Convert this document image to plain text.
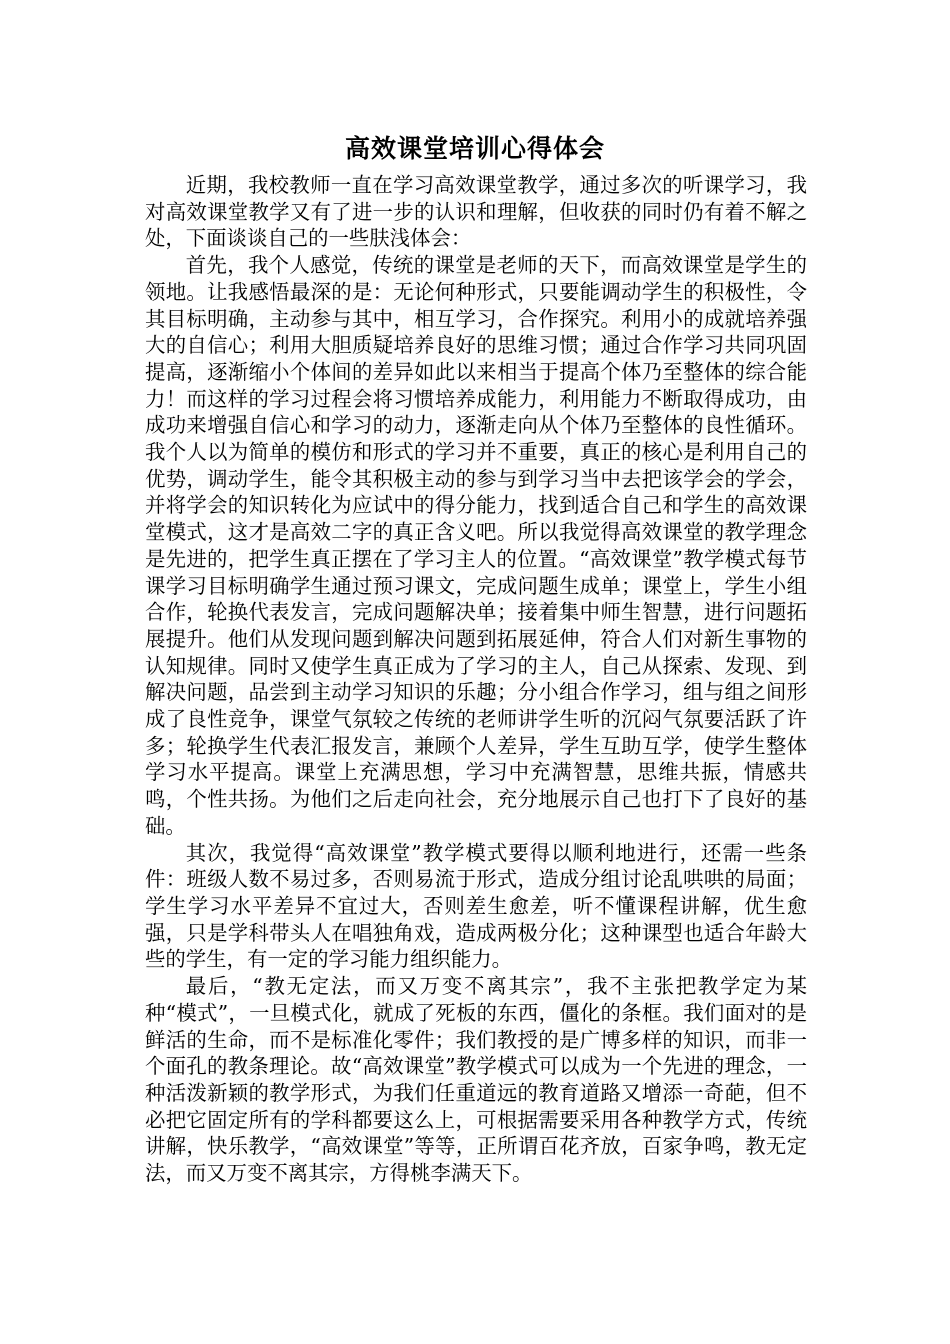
高效课堂培训心得体会

近期，我校教师一直在学习高效课堂教学，通过多次的听课学习，我对高效课堂教学又有了进一步的认识和理解，但收获的同时仍有着不解之处，下面谈谈自己的一些肤浅体会：

首先，我个人感觉，传统的课堂是老师的天下，而高效课堂是学生的领地。让我感悟最深的是：无论何种形式，只要能调动学生的积极性，令其目标明确，主动参与其中，相互学习，合作探究。利用小的成就培养强大的自信心；利用大胆质疑培养良好的思维习惯；通过合作学习共同巩固提高，逐渐缩小个体间的差异如此以来相当于提高个体乃至整体的综合能力！而这样的学习过程会将习惯培养成能力，利用能力不断取得成功，由成功来增强自信心和学习的动力，逐渐走向从个体乃至整体的良性循环。我个人以为简单的模仿和形式的学习并不重要，真正的核心是利用自己的优势，调动学生，能令其积极主动的参与到学习当中去把该学会的学会，并将学会的知识转化为应试中的得分能力，找到适合自己和学生的高效课堂模式，这才是高效二字的真正含义吧。所以我觉得高效课堂的教学理念是先进的，把学生真正摆在了学习主人的位置。“高效课堂”教学模式每节课学习目标明确学生通过预习课文，完成问题生成单；课堂上，学生小组合作，轮换代表发言，完成问题解决单；接着集中师生智慧，进行问题拓展提升。他们从发现问题到解决问题到拓展延伸，符合人们对新生事物的认知规律。同时又使学生真正成为了学习的主人，自己从探索、发现、到解决问题，品尝到主动学习知识的乐趣；分小组合作学习，组与组之间形成了良性竞争，课堂气氛较之传统的老师讲学生听的沉闷气氛要活跃了许多；轮换学生代表汇报发言，兼顾个人差异，学生互助互学，使学生整体学习水平提高。课堂上充满思想，学习中充满智慧，思维共振，情感共鸣，个性共扬。为他们之后走向社会，充分地展示自己也打下了良好的基础。

其次，我觉得“高效课堂”教学模式要得以顺利地进行，还需一些条件：班级人数不易过多，否则易流于形式，造成分组讨论乱哄哄的局面；学生学习水平差异不宜过大，否则差生愈差，听不懂课程讲解，优生愈强，只是学科带头人在唱独角戏，造成两极分化；这种课型也适合年龄大些的学生，有一定的学习能力组织能力。

最后，“教无定法，而又万变不离其宗”，我不主张把教学定为某种“模式”，一旦模式化，就成了死板的东西，僵化的条框。我们面对的是鲜活的生命，而不是标准化零件；我们教授的是广博多样的知识，而非一个面孔的教条理论。故“高效课堂”教学模式可以成为一个先进的理念，一种活泼新颖的教学形式，为我们任重道远的教育道路又增添一奇葩，但不必把它固定所有的学科都要这么上，可根据需要采用各种教学方式，传统讲解，快乐教学，“高效课堂”等等，正所谓百花齐放，百家争鸣，教无定法，而又万变不离其宗，方得桃李满天下。
